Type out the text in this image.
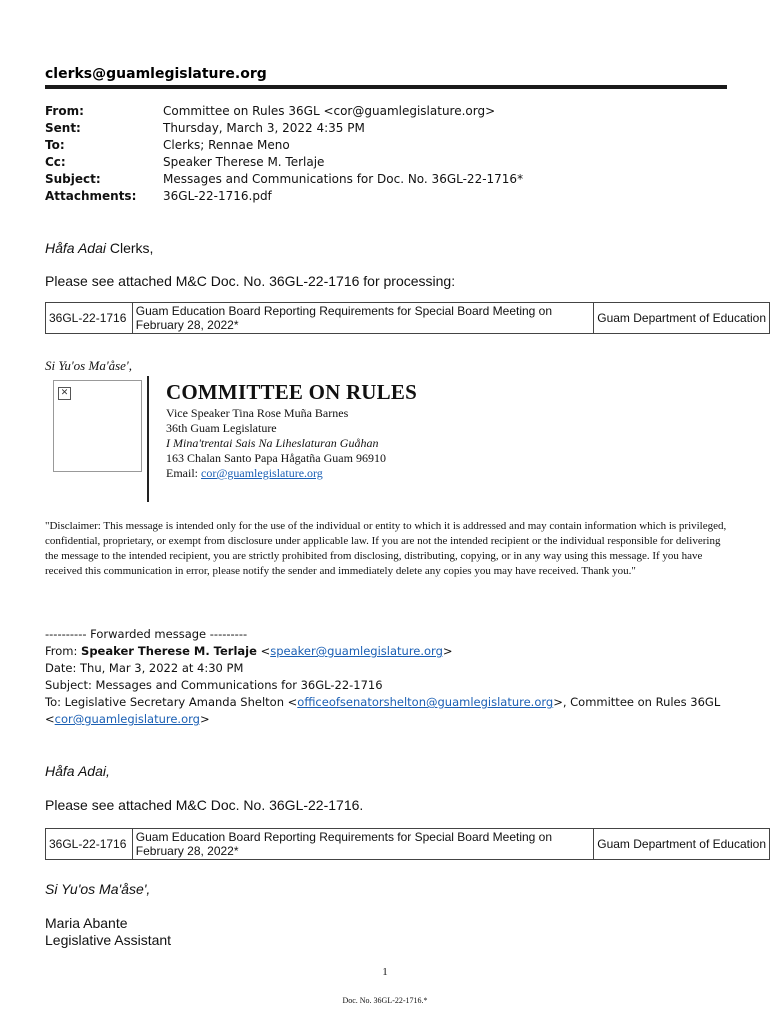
clerks@guamlegislature.org
From:	Committee on Rules 36GL <cor@guamlegislature.org>
Sent:	Thursday, March 3, 2022 4:35 PM
To:	Clerks; Rennae Meno
Cc:	Speaker Therese M. Terlaje
Subject:	Messages and Communications for Doc. No. 36GL-22-1716*
Attachments:	36GL-22-1716.pdf
Håfa Adai Clerks,
Please see attached M&C Doc. No. 36GL-22-1716 for processing:
36GL-22-1716	Guam Education Board Reporting Requirements for Special Board Meeting on February 28, 2022*	Guam Department of Education
Si Yu'os Ma'åse',
✕	COMMITTEE ON RULES
Vice Speaker Tina Rose Muña Barnes
36th Guam Legislature
I Mina'trentai Sais Na Liheslaturan Guåhan
163 Chalan Santo Papa Hågatña Guam 96910
Email: cor@guamlegislature.org
"Disclaimer: This message is intended only for the use of the individual or entity to which it is addressed and may contain information which is privileged, confidential, proprietary, or exempt from disclosure under applicable law. If you are not the intended recipient or the individual responsible for delivering the message to the intended recipient, you are strictly prohibited from disclosing, distributing, copying, or in any way using this message. If you have received this communication in error, please notify the sender and immediately delete any copies you may have received. Thank you."
---------- Forwarded message ---------
From: Speaker Therese M. Terlaje <speaker@guamlegislature.org>
Date: Thu, Mar 3, 2022 at 4:30 PM
Subject: Messages and Communications for 36GL-22-1716
To: Legislative Secretary Amanda Shelton <officeofsenatorshelton@guamlegislature.org>, Committee on Rules 36GL
<cor@guamlegislature.org>
Håfa Adai,
Please see attached M&C Doc. No. 36GL-22-1716.
36GL-22-1716	Guam Education Board Reporting Requirements for Special Board Meeting on February 28, 2022*	Guam Department of Education
Si Yu'os Ma'åse',
Maria Abante
Legislative Assistant
1
Doc. No. 36GL-22-1716.*
